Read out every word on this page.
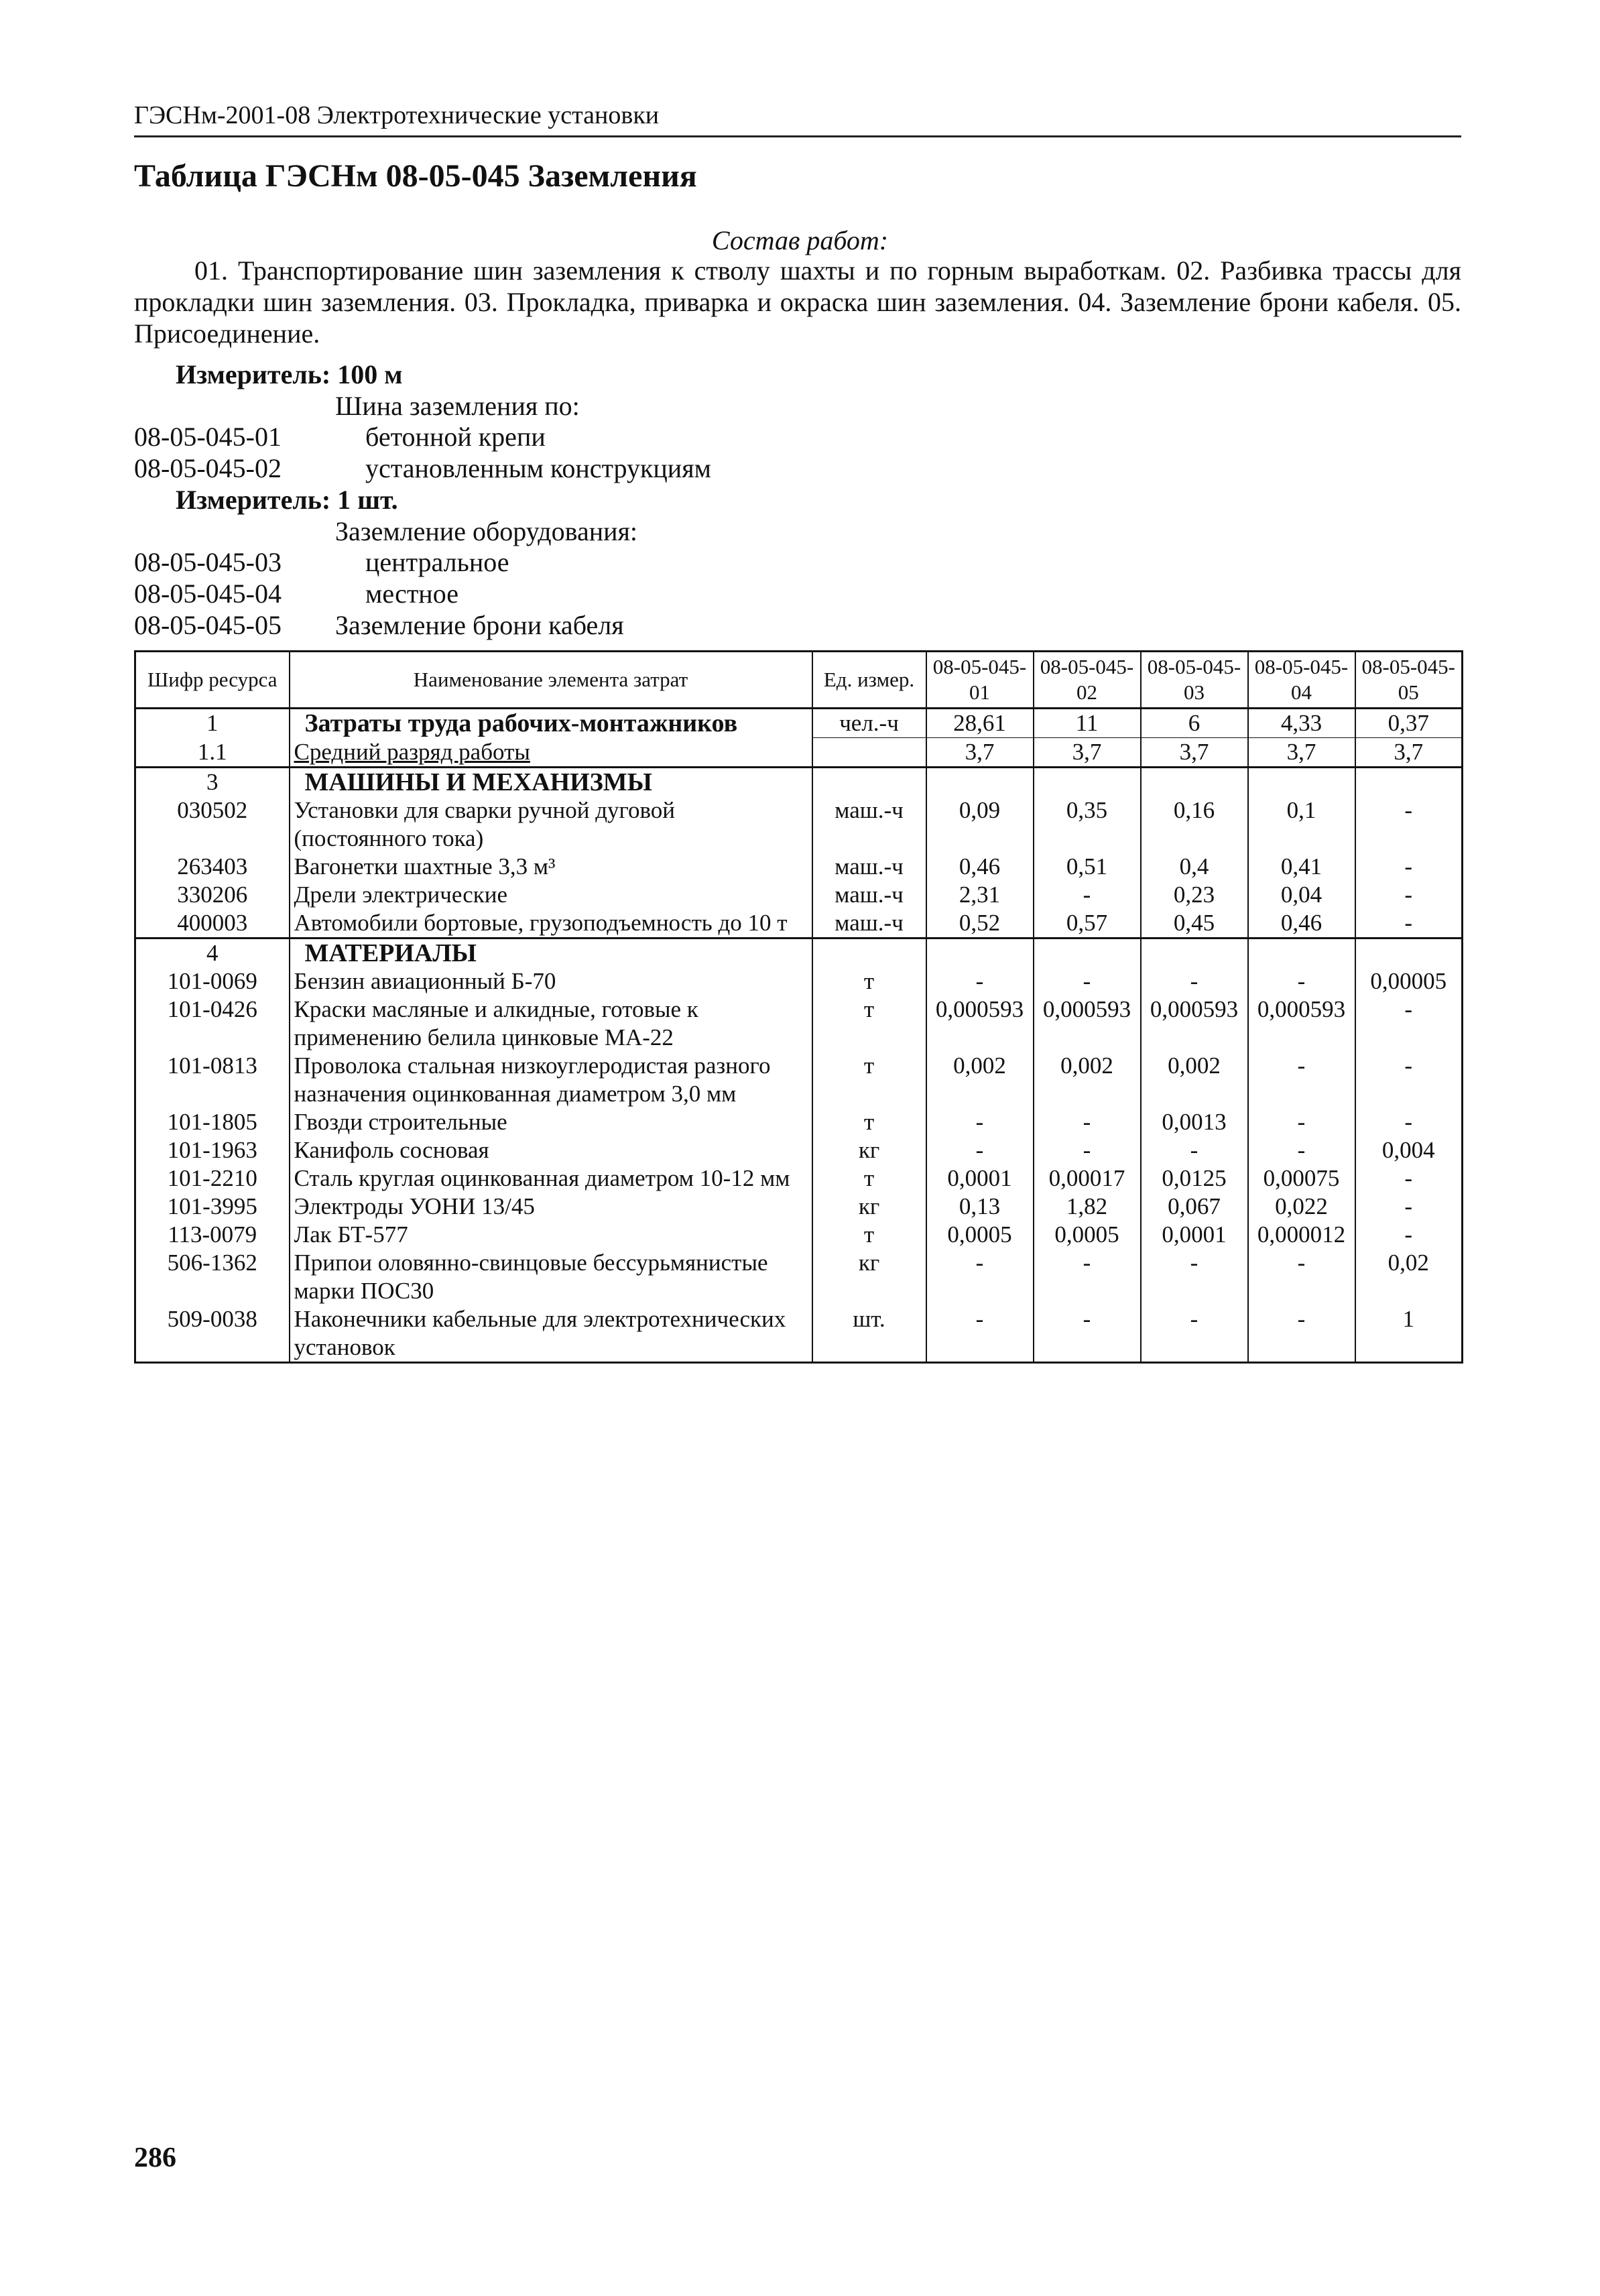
ГЭСНм-2001-08 Электротехнические установки
Таблица ГЭСНм 08-05-045 Заземления
Состав работ:
01. Транспортирование шин заземления к стволу шахты и по горным выработкам. 02. Разбивка трассы для прокладки шин заземления. 03. Прокладка, приварка и окраска шин заземления. 04. Заземление брони кабеля. 05. Присоединение.
Измеритель: 100 м
Шина заземления по:
08-05-045-01	бетонной крепи
08-05-045-02	установленным конструкциям
Измеритель: 1 шт.
Заземление оборудования:
08-05-045-03	центральное
08-05-045-04	местное
08-05-045-05 Заземление брони кабеля
Шифр ресурса	Наименование элемента затрат	Ед. измер.	08-05-045-01	08-05-045-02	08-05-045-03	08-05-045-04	08-05-045-05
1	Затраты труда рабочих-монтажников	чел.-ч	28,61	11	6	4,33	0,37
1.1	Средний разряд работы		3,7	3,7	3,7	3,7	3,7
3	МАШИНЫ И МЕХАНИЗМЫ						
030502	Установки для сварки ручной дуговой (постоянного тока)	маш.-ч	0,09	0,35	0,16	0,1	-
263403	Вагонетки шахтные 3,3 м³	маш.-ч	0,46	0,51	0,4	0,41	-
330206	Дрели электрические	маш.-ч	2,31	-	0,23	0,04	-
400003	Автомобили бортовые, грузоподъемность до 10 т	маш.-ч	0,52	0,57	0,45	0,46	-
4	МАТЕРИАЛЫ						
101-0069	Бензин авиационный Б-70	т	-	-	-	-	0,00005
101-0426	Краски масляные и алкидные, готовые к применению белила цинковые МА-22	т	0,000593	0,000593	0,000593	0,000593	-
101-0813	Проволока стальная низкоуглеродистая разного назначения оцинкованная диаметром 3,0 мм	т	0,002	0,002	0,002	-	-
101-1805	Гвозди строительные	т	-	-	0,0013	-	-
101-1963	Канифоль сосновая	кг	-	-	-	-	0,004
101-2210	Сталь круглая оцинкованная диаметром 10-12 мм	т	0,0001	0,00017	0,0125	0,00075	-
101-3995	Электроды УОНИ 13/45	кг	0,13	1,82	0,067	0,022	-
113-0079	Лак БТ-577	т	0,0005	0,0005	0,0001	0,000012	-
506-1362	Припои оловянно-свинцовые бессурьмянистые марки ПОС30	кг	-	-	-	-	0,02
509-0038	Наконечники кабельные для электротехнических установок	шт.	-	-	-	-	1
286
